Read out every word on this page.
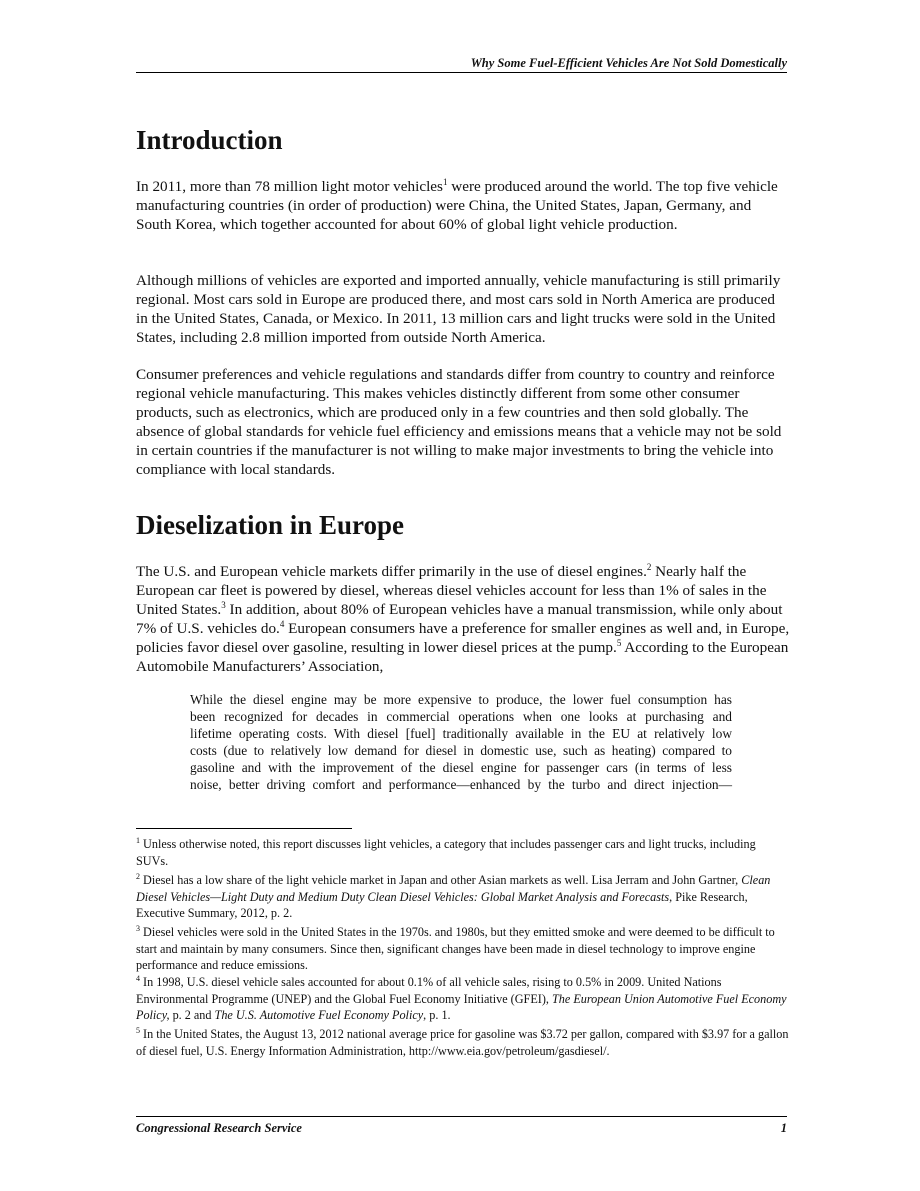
Why Some Fuel-Efficient Vehicles Are Not Sold Domestically
Introduction

In 2011, more than 78 million light motor vehicles$^1$ were produced around the world. The top five vehicle manufacturing countries (in order of production) were China, the United States, Japan, Germany, and South Korea, which together accounted for about 60% of global light vehicle production.

Although millions of vehicles are exported and imported annually, vehicle manufacturing is still primarily regional. Most cars sold in Europe are produced there, and most cars sold in North America are produced in the United States, Canada, or Mexico. In 2011, 13 million cars and light trucks were sold in the United States, including 2.8 million imported from outside North America.

Consumer preferences and vehicle regulations and standards differ from country to country and reinforce regional vehicle manufacturing. This makes vehicles distinctly different from some other consumer products, such as electronics, which are produced only in a few countries and then sold globally. The absence of global standards for vehicle fuel efficiency and emissions means that a vehicle may not be sold in certain countries if the manufacturer is not willing to make major investments to bring the vehicle into compliance with local standards.

Dieselization in Europe

The U.S. and European vehicle markets differ primarily in the use of diesel engines.$^2$ Nearly half the European car fleet is powered by diesel, whereas diesel vehicles account for less than 1% of sales in the United States.$^3$ In addition, about 80% of European vehicles have a manual transmission, while only about 7% of U.S. vehicles do.$^4$ European consumers have a preference for smaller engines as well and, in Europe, policies favor diesel over gasoline, resulting in lower diesel prices at the pump.$^5$ According to the European Automobile Manufacturers’ Association,

While the diesel engine may be more expensive to produce, the lower fuel consumption has
been recognized for decades in commercial operations when one looks at purchasing and
lifetime operating costs. With diesel [fuel] traditionally available in the EU at relatively low
costs (due to relatively low demand for diesel in domestic use, such as heating) compared to
gasoline and with the improvement of the diesel engine for passenger cars (in terms of less
noise, better driving comfort and performance—enhanced by the turbo and direct injection—

$^1$ Unless otherwise noted, this report discusses light vehicles, a category that includes passenger cars and light trucks, including SUVs.

$^2$ Diesel has a low share of the light vehicle market in Japan and other Asian markets as well. Lisa Jerram and John Gartner, Clean Diesel Vehicles—Light Duty and Medium Duty Clean Diesel Vehicles: Global Market Analysis and Forecasts, Pike Research, Executive Summary, 2012, p. 2.

$^3$ Diesel vehicles were sold in the United States in the 1970s. and 1980s, but they emitted smoke and were deemed to be difficult to start and maintain by many consumers. Since then, significant changes have been made in diesel technology to improve engine performance and reduce emissions.

$^4$ In 1998, U.S. diesel vehicle sales accounted for about 0.1% of all vehicle sales, rising to 0.5% in 2009. United Nations Environmental Programme (UNEP) and the Global Fuel Economy Initiative (GFEI), The European Union Automotive Fuel Economy Policy, p. 2 and The U.S. Automotive Fuel Economy Policy, p. 1.

$^5$ In the United States, the August 13, 2012 national average price for gasoline was $3.72 per gallon, compared with $3.97 for a gallon of diesel fuel, U.S. Energy Information Administration, http://www.eia.gov/petroleum/gasdiesel/.

Congressional Research Service	1
